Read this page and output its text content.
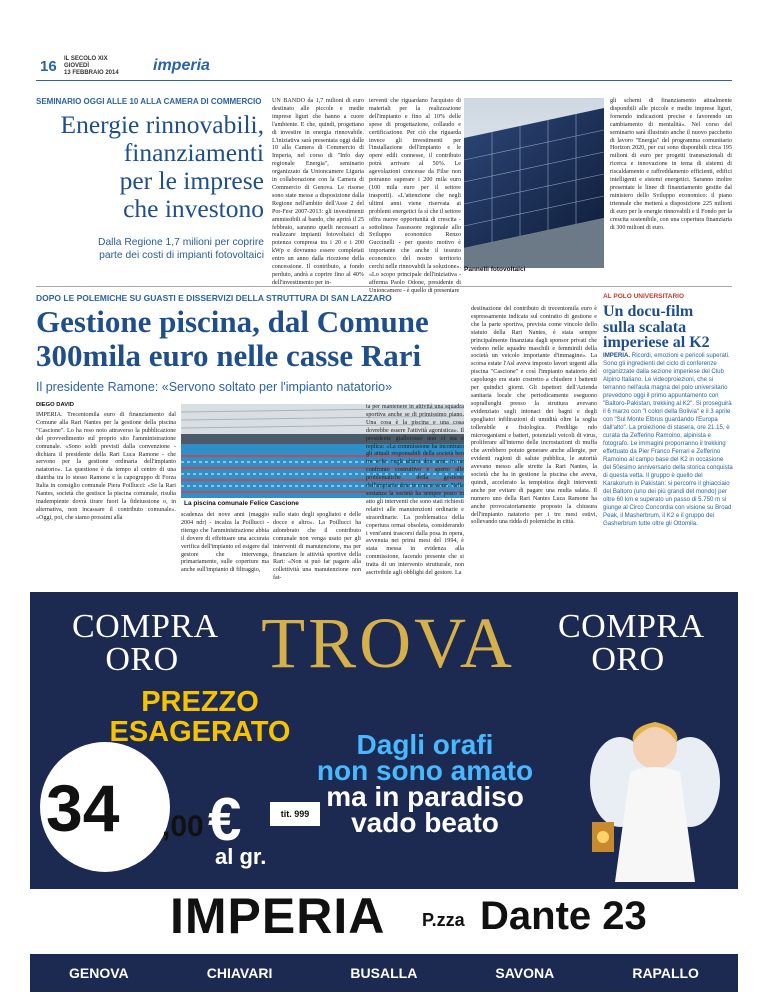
16 IL SECOLO XIX
GIOVEDÌ
13 FEBBRAIO 2014 imperia
SEMINARIO OGGI ALLE 10 ALLA CAMERA DI COMMERCIO
Energie rinnovabili,
finanziamenti
per le imprese
che investono
Dalla Regione 1,7 milioni per coprire
parte dei costi di impianti fotovoltaici
UN BANDO da 1,7 milioni di euro destinato alle piccole e medie imprese liguri che hanno a cuore l'ambiente. E che, quindi, progettano di investire in energia rinnovabile. L'iniziativa sarà presentata oggi dalle 10 alla Camera di Commercio di Imperia, nel corso di "Info day regionale Energia", seminario organizzato da Unioncamere Liguria in collaborazione con la Camera di Commercio di Genova. Le risorse sono state messe a disposizione dalla Regione nell'ambito dell'Asse 2 del Por-Fesr 2007-2013: gli investimenti ammissibili al bando, che aprirà il 25 febbraio, saranno quelli necessari a realizzare impianti fotovoltaici di potenza compresa tra i 20 e i 200 kWp e dovranno essere completati entro un anno dalla ricezione della concessione. Il contributo, a fondo perduto, andrà a coprire fino al 40% dell'investimento per in-
terventi che riguardano l'acquisto di materiali per la realizzazione dell'impianto e fino al 10% delle spese di progettazione, collaudo e certificazione. Per ciò che riguarda invece gli investimenti per l'installazione dell'impianto e le opere edili connesse, il contributo potrà arrivare al 50%. Le agevolazioni concesse da Filse non potranno superare i 200 mila euro (100 mila euro per il settore trasporti). «L'attenzione che negli ultimi anni viene riservata ai problemi energetici fa sì che il settore offra nuove opportunità di crescita - sottolinea l'assessore regionale allo Sviluppo economico Renzo Guccinelli - per questo motivo è importante che anche il tessuto economico del nostro territorio cerchi nelle rinnovabili la soluzione». «Lo scopo principale dell'iniziativa - afferma Paolo Odone, presidente di Unioncamere - è quello di presentare
Pannelli fotovoltaici
gli schemi di finanziamento attualmente disponibili alle piccole e medie imprese liguri, fornendo indicazioni precise e favorendo un cambiamento di mentalità». Nel corso del seminario sarà illustrato anche il nuovo pacchetto di lavoro "Energia" del programma comunitario Horizon 2020, per cui sono disponibili circa 195 milioni di euro per progetti transnazionali di ricerca e innovazione in tema di sistemi di riscaldamento e raffreddamento efficienti, edifici intelligenti e sistemi energetici. Saranno inoltre presentate le linee di finanziamento gestite dal ministero dello Sviluppo economico: il piano triennale che metterà a disposizione 225 milioni di euro per le energie rinnovabili e il Fondo per la crescita sostenibile, con una copertura finanziaria di 300 milioni di euro.
DOPO LE POLEMICHE SU GUASTI E DISSERVIZI DELLA STRUTTURA DI SAN LAZZARO
Gestione piscina, dal Comune
300mila euro nelle casse Rari
Il presidente Ramone: «Servono soltato per l'impianto natatorio»
DIEGO DAVID
IMPERIA. Trecentomila euro di finanziamento dal Comune alla Rari Nantes per la gestione della piscina "Cascione". Lo ha reso noto attraverso la pubblicazione del provvedimento sul proprio sito l'amministrazione comunale. «Sono soldi previsti dalla convenzione - dichiara il presidente della Rari Luca Ramone - che servono per la gestione ordinaria dell'impianto natatorio». La questione è da tempo al centro di una diatriba tra lo stesso Ramone e la capogruppo di Forza Italia in consiglio comunale Piera Poillucci: «Se la Rari Nantes, società che gestisce la piscina comunale, risulta inadempiente dovrà tirare fuori la fideiussione o, in alternativa, non incassare il contributo comunale». «Oggi, poi, che siamo prossimi alla
La piscina comunale Felice Cascione
scadenza dei nove anni (maggio 2004 ndr) - incalza la Poillucci - ritengo che l'amministrazione abbia il dovere di effettuare una accurata verifica dell'impianto ed esigere dal gestore che intervenga, primariamente, sulle coperture ma anche sull'impianto di filtraggio,
sullo stato degli spogliatoi e delle docce e altro». La Poillucci ha adombrato che il contributo comunale non venga usato per gli interventi di manutenzione, ma per finanziare le attività sportive della Rari: «Non si può far pagare alla collettività una manutenzione non fat-
ta per mantenere in attività una squadra sportiva anche se di primissimo piano. Una cosa è la piscina e una cosa dovrebbe essere l'attività agonistica». Il presidente giallorosso non ci sta e replica: «La commissione ha incontrato gli attuali responsabili della società ben tre volte negli ultimi due anni, in un confronto costruttivo e aperto alle problematiche della gestione dell'impianto dato in concessione. Nella sostanza la società ha sempre posto in atto gli interventi che sono stati richiesti relativi alle manutenzioni ordinarie e straordinarie. La problematica della copertura ormai obsoleta, considerando i vent'anni trascorsi dalla posa in opera, avvenuta nei primi mesi del 1994, è stata messa in evidenza alla commissione, facendo presente che si tratta di un intervento strutturale, non ascrivibile agli obblighi del gestore. La
destinazione del contributo di trecentomila euro è espressamente indicata sul contratto di gestione e che la parte sportiva, prevista come vincolo dello statuto della Rari Nantes, è stata sempre principalmente finanziata dagli sponsor privati che vedono nelle squadre maschili e femminili della società un veicolo importante d'immagine». La scorsa estate l'Asl aveva imposto lavori urgenti alla piscina "Cascione" e così l'impianto natatorio del capoluogo era stato costretto a chiudere i battenti per quindici giorni. Gli ispettori dell'Azienda sanitaria locale che periodicamente eseguono sopralluoghi presso la struttura avevano evidenziato sugli intonaci dei bagni e degli spogliatoi infiltrazioni di umidità oltre la soglia tollerabile e fisiologica. Predilige ndo microrganismi e batteri, potenziali veicoli di virus, proliferare all'interno delle incrostazioni di muffa che avrebbero potuto generare anche allergie, per evidenti ragioni di salute pubblica, le autorità avevano messo alle strette la Rari Nantes, la società che ha in gestione la piscina che aveva, quindi, accelerato la tempistica degli interventi anche per evitare di pagare una multa salata. Il numero uno della Rari Nantes Luca Ramone ha anche provocatoriamente proposto la chiusura dell'impianto natatorio per i tre mesi estivi, sollevando una ridda di polemiche in città.
AL POLO UNIVERSITARIO
Un docu-film
sulla scalata
imperiese al K2
IMPERIA. Ricordi, emozioni e pericoli superati. Sono gli ingredienti del ciclo di conferenze organizzate dalla sezione imperiese del Club Alpino Italiano. Le videoproiezioni, che si terranno nell'aula magna del polo universitario prevedono oggi il primo appuntamento con "Baltoro-Pakistan, trekking al K2". Si proseguirà il 6 marzo con "I colori della Bolivia" e il 3 aprile con "Sul Monte Elbrus guardando l'Europa dall'alto". La proiezione di stasera, ore 21.15, è curata da Zefferino Ramoino, alpinista e fotografo. Le immagini proporranno il trekking effettuato da Pier Franco Ferrari e Zefferino Ramoino al campo base del K2 in occasione del 50esimo anniversario della storica conquista di questa vetta. Il gruppo è quello del Karakorum in Pakistan: si percorre il ghiacciaio del Baltoro (uno dei più grandi del mondo) per oltre 60 km e superato un passo di 5.750 m si giunge al Circo Concordia con visione su Broad Peak, il Masherbrum, il K2 e il gruppo dei Gasherbrum tutte oltre gli Ottomila.
COMPRA
ORO	TROVA	COMPRA
ORO
PREZZO
ESAGERATO
34 ,00 €	tit. 999
al gr.
Dagli orafi
non sono amato
ma in paradiso
vado beato
IMPERIA P.zza Dante 23
GENOVA	CHIAVARI	BUSALLA	SAVONA	RAPALLO
